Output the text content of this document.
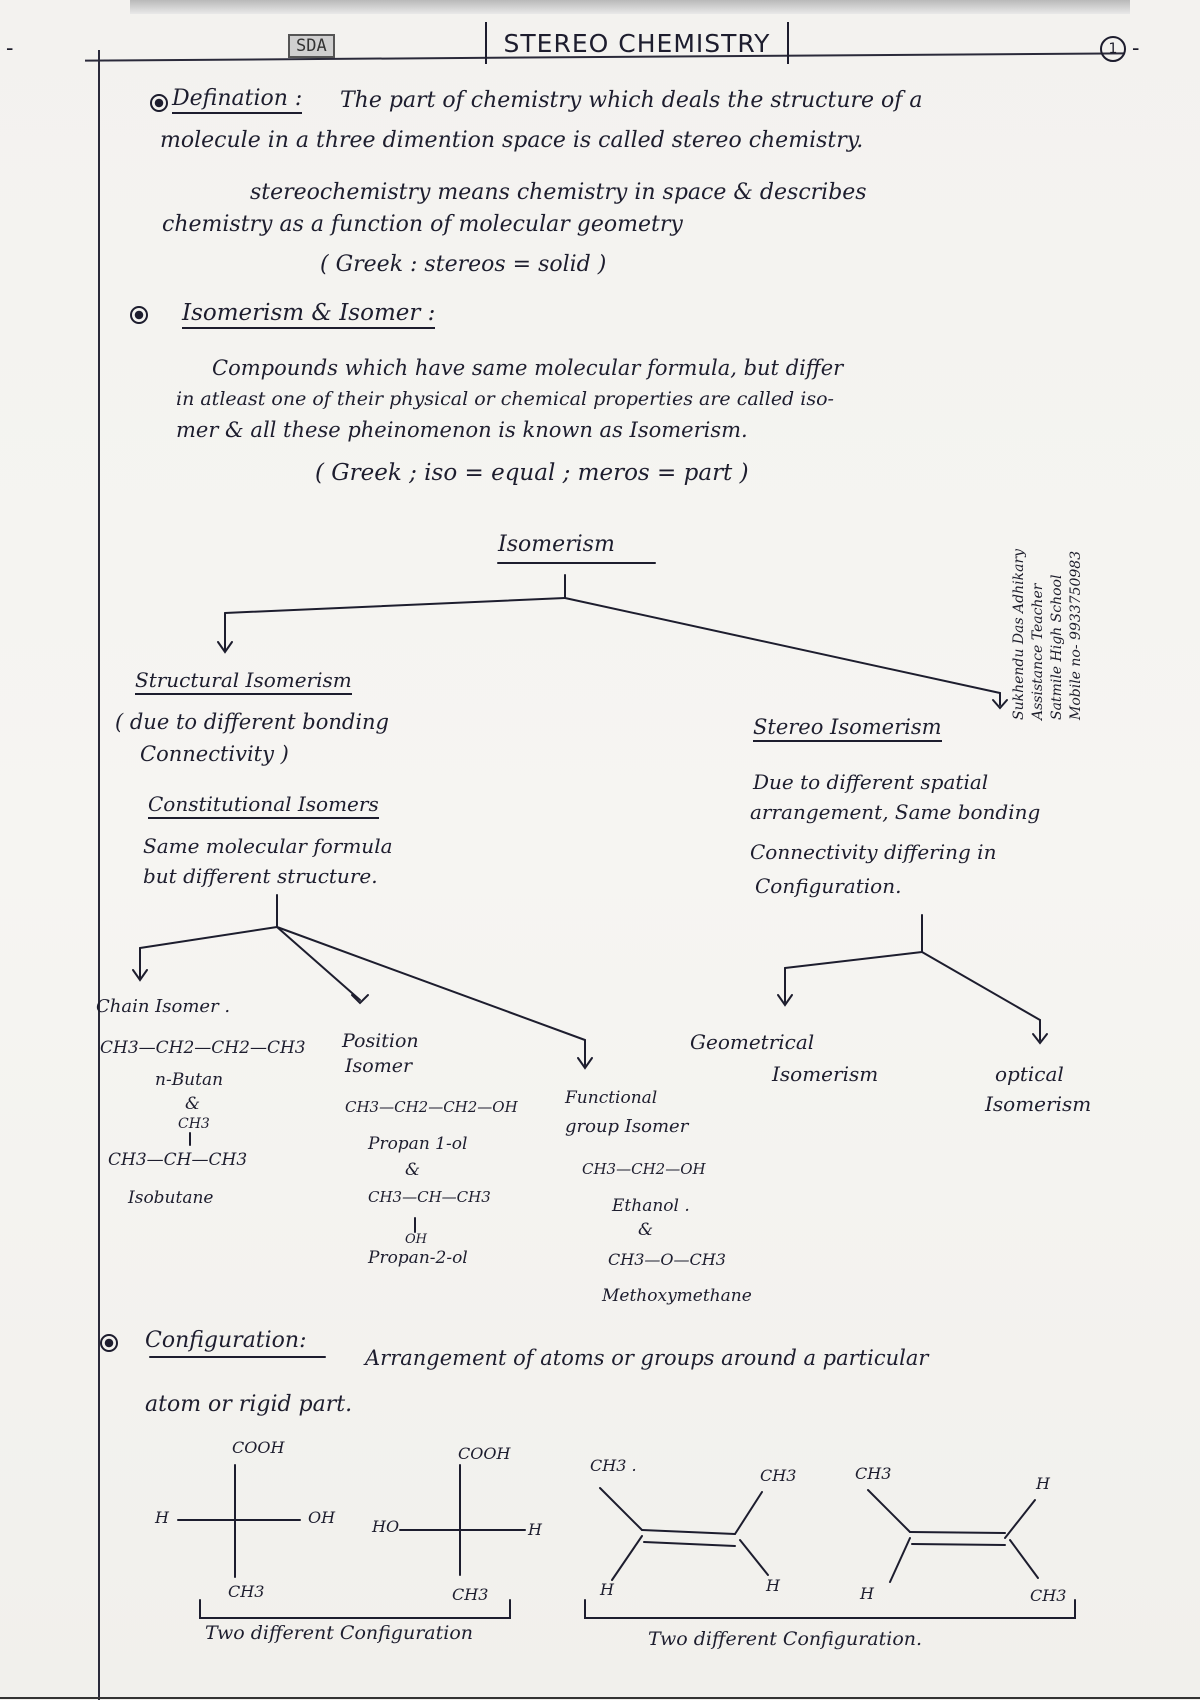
-	-
SDA	STEREO CHEMISTRY	1
Defination : The part of chemistry which deals the structure of a
molecule in a three dimention space is called stereo chemistry.
stereochemistry means chemistry in space & describes
chemistry as a function of molecular geometry
( Greek : stereos = solid )
Isomerism & Isomer :
Compounds which have same molecular formula, but differ
in atleast one of their physical or chemical properties are called iso-
mer & all these pheinomenon is known as Isomerism.
( Greek ; iso = equal ; meros = part )
Sukhendu Das Adhikary Assistance Teacher Satmile High School Mobile no- 9933750983
Isomerism
Structural Isomerism
( due to different bonding
Connectivity )
Constitutional Isomers
Same molecular formula
but different structure.
Stereo Isomerism
Due to different spatial
arrangement, Same bonding
Connectivity differing in
Configuration.
Chain Isomer .
CH3—CH2—CH2—CH3
n-Butan
&
CH3
CH3—CH—CH3
Isobutane
Position
Isomer
CH3—CH2—CH2—OH
Propan 1-ol
&
CH3—CH—CH3
OH
Propan-2-ol
Functional
group Isomer
CH3—CH2—OH
Ethanol .
&
CH3—O—CH3
Methoxymethane
Geometrical
Isomerism	optical
Isomerism
Configuration:
Arrangement of atoms or groups around a particular
atom or rigid part.
COOH
H	OH
CH3
COOH
HO	H
CH3
Two different Configuration
CH3 .
CH3
H	H
CH3
H
H	CH3
Two different Configuration.
